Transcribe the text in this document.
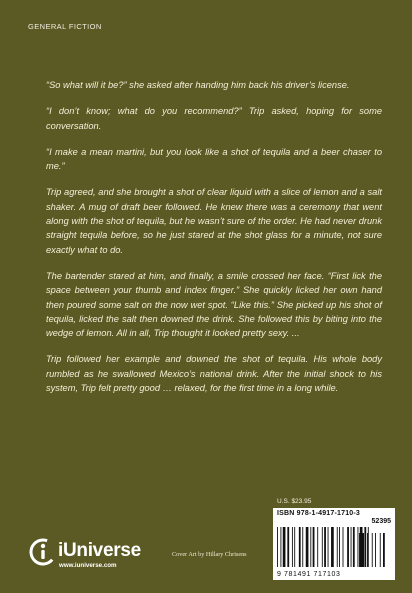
GENERAL FICTION

“So what will it be?” she asked after handing him back his driver’s license.

“I don’t know; what do you recommend?” Trip asked, hoping for some conversation.

“I make a mean martini, but you look like a shot of tequila and a beer chaser to me.”

Trip agreed, and she brought a shot of clear liquid with a slice of lemon and a salt shaker. A mug of draft beer followed. He knew there was a ceremony that went along with the shot of tequila, but he wasn’t sure of the order. He had never drunk straight tequila before, so he just stared at the shot glass for a minute, not sure exactly what to do.

The bartender stared at him, and finally, a smile crossed her face. “First lick the space between your thumb and index finger.” She quickly licked her own hand then poured some salt on the now wet spot. “Like this.” She picked up his shot of tequila, licked the salt then downed the drink. She followed this by biting into the wedge of lemon. All in all, Trip thought it looked pretty sexy. ...

Trip followed her example and downed the shot of tequila. His whole body rumbled as he swallowed Mexico’s national drink. After the initial shock to his system, Trip felt pretty good … relaxed, for the first time in a long while.

U.S. $23.95
ISBN 978-1-4917-1710-3
52395
9 781491 717103
iUniverse
www.iuniverse.com
Cover Art by Hillary Chrisens
